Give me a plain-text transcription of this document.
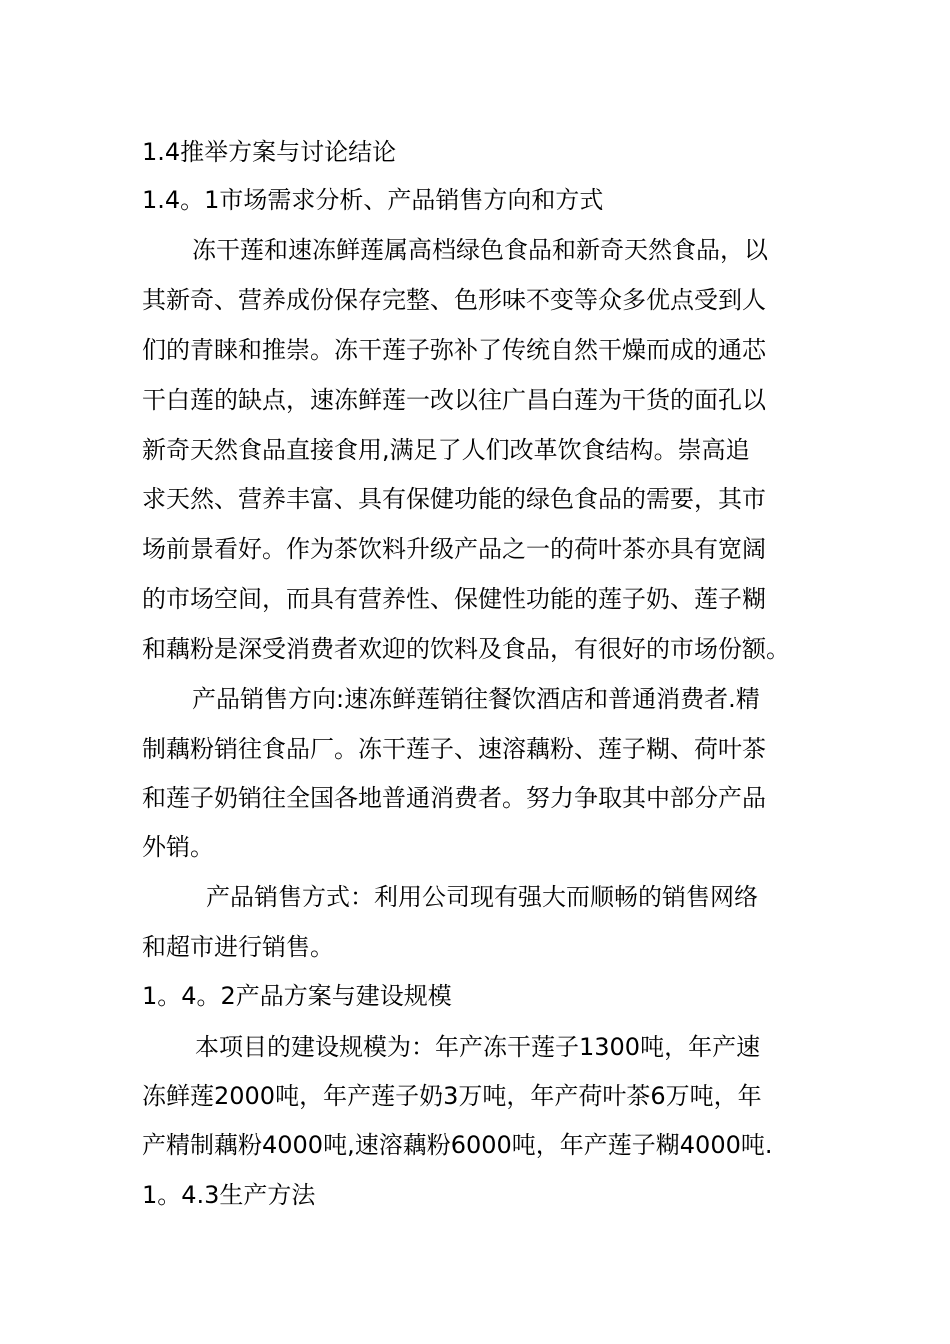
1.4推举方案与讨论结论
1.4。1市场需求分析、产品销售方向和方式
冻干莲和速冻鲜莲属高档绿色食品和新奇天然食品，以
其新奇、营养成份保存完整、色形味不变等众多优点受到人
们的青睐和推崇。冻干莲子弥补了传统自然干燥而成的通芯
干白莲的缺点，速冻鲜莲一改以往广昌白莲为干货的面孔以
新奇天然食品直接食用,满足了人们改革饮食结构。崇高追
求天然、营养丰富、具有保健功能的绿色食品的需要，其市
场前景看好。作为茶饮料升级产品之一的荷叶茶亦具有宽阔
的市场空间，而具有营养性、保健性功能的莲子奶、莲子糊
和藕粉是深受消费者欢迎的饮料及食品，有很好的市场份额。
产品销售方向:速冻鲜莲销往餐饮酒店和普通消费者.精
制藕粉销往食品厂。冻干莲子、速溶藕粉、莲子糊、荷叶茶
和莲子奶销往全国各地普通消费者。努力争取其中部分产品
外销。
产品销售方式：利用公司现有强大而顺畅的销售网络
和超市进行销售。
1。4。2产品方案与建设规模
本项目的建设规模为：年产冻干莲子1300吨，年产速
冻鲜莲2000吨，年产莲子奶3万吨，年产荷叶茶6万吨，年
产精制藕粉4000吨,速溶藕粉6000吨，年产莲子糊4000吨.
1。4.3生产方法
